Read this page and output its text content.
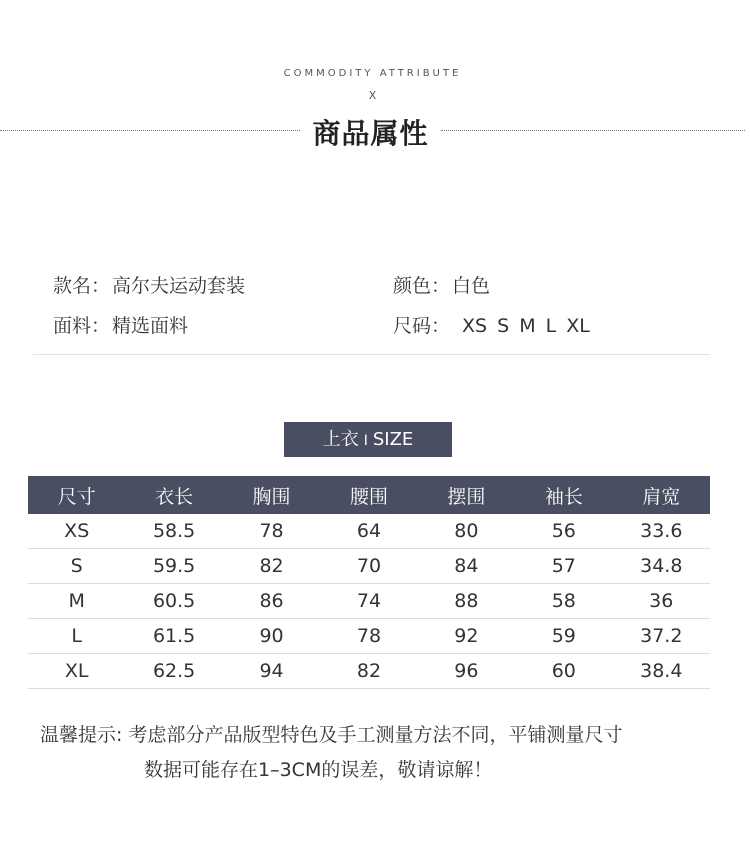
COMMODITY ATTRIBUTE
X
商品属性
款名： 高尔夫运动套装	颜色： 白色
面料： 精选面料	尺码： XS S M L XL
上衣 I SIZE
尺寸	衣长	胸围	腰围	摆围	袖长	肩宽
XS	58.5	78	64	80	56	33.6
S	59.5	82	70	84	57	34.8
M	60.5	86	74	88	58	36
L	61.5	90	78	92	59	37.2
XL	62.5	94	82	96	60	38.4
温馨提示: 考虑部分产品版型特色及手工测量方法不同，平铺测量尺寸
数据可能存在1–3CM的误差，敬请谅解！
